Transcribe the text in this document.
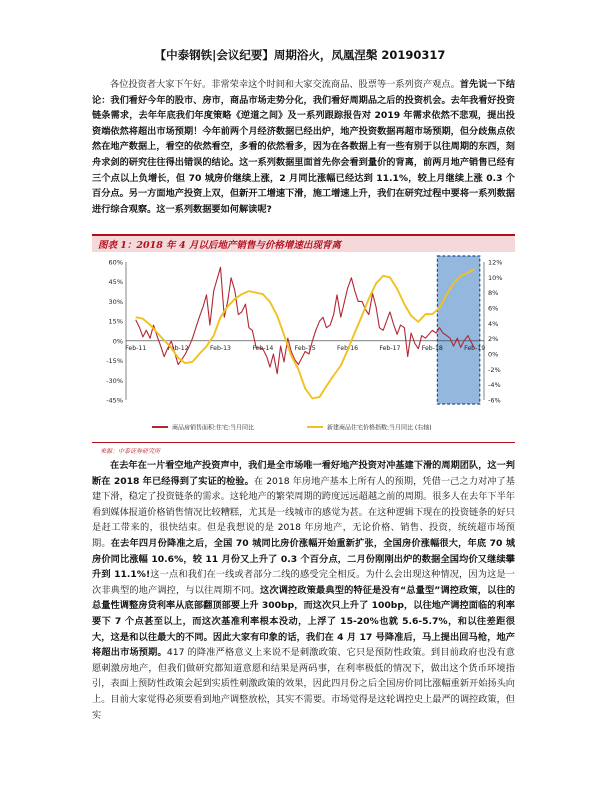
【中泰钢铁|会议纪要】周期浴火，凤凰涅槃 20190317

各位投资者大家下午好。非常荣幸这个时间和大家交流商品、股票等一系列资产观点。首先说一下结论：我们看好今年的股市、房市，商品市场走势分化，我们看好周期品之后的投资机会。去年我看好投资链条需求，去年年底我们年度策略《逆道之间》及一系列跟踪报告对 2019 年需求依然不悲观，提出投资端依然将超出市场预期！今年前两个月经济数据已经出炉，地产投资数据再超市场预期，但分歧焦点依然在地产数据上，看空的依然看空，多看的依然看多，因为在各数据上有一些有别于以往周期的东西，刻舟求剑的研究往往得出错误的结论。这一系列数据里面首先你会看到量价的背离，前两月地产销售已经有三个点以上负增长，但 70 城房价继续上涨，2 月同比涨幅已经达到 11.1%，较上月继续上涨 0.3 个百分点。另一方面地产投资上双，但新开工增速下滑，施工增速上升，我们在研究过程中要将一系列数据进行综合观察。这一系列数据要如何解读呢?

图表 1：2018 年 4 月以后地产销售与价格增速出现背离
60%
45%
30%
15%
0%
-15%
-30%
-45%
12%
10%
8%
6%
4%
2%
0%
-2%
-4%
-6%
Feb-11	Feb-12	Feb-13	Feb-14	Feb-15	Feb-16	Feb-17	Feb-18	Feb-19
商品房销售面积:住宅:当月同比	新建商品住宅价格指数:当月同比 (右轴)
来源：中泰证券研究所

在去年在一片看空地产投资声中，我们是全市场唯一看好地产投资对冲基建下滑的周期团队，这一判断在 2018 年已经得到了实证的检验。在 2018 年房地产基本上所有人的预期，凭借一己之力对冲了基建下滑，稳定了投资链条的需求。这轮地产的繁荣周期的跨度远远超越之前的周期。很多人在去年下半年看到媒体报道价格销售情况比较糟糕，尤其是一线城市的感觉为甚。在这种逻辑下现在的投资链条的好只是赶工带来的，很快结束。但是我想说的是 2018 年房地产，无论价格、销售、投资，统统超市场预期。在去年四月份降准之后，全国 70 城同比房价涨幅开始重新扩张，全国房价涨幅很大，年底 70 城房价同比涨幅 10.6%，较 11 月份又上升了 0.3 个百分点，二月份刚刚出炉的数据全国均价又继续攀升到 11.1%!这一点和我们在一线或者部分二线的感受完全相反。为什么会出现这种情况，因为这是一次非典型的地产调控，与以往周期不同。这次调控政策最典型的特征是没有“总量型”调控政策，以往的总量性调整房贷利率从底部翻顶部要上升 300bp，而这次只上升了 100bp，以往地产调控面临的利率要下 7 个点甚至以上，而这次基准利率根本没动，上浮了 15-20%也就 5.6-5.7%，和以往差距很大，这是和以往最大的不同。因此大家有印象的话，我们在 4 月 17 号降准后，马上提出回马枪，地产将超出市场预期。417 的降准严格意义上来说不是刺激政策、它只是预防性政策。到目前政府也没有意愿刺激房地产，但我们做研究都知道意愿和结果是两码事，在利率极低的情况下，做出这个货币环境指引，表面上预防性政策会起到实质性刺激政策的效果，因此四月份之后全国房价同比涨幅重新开始扬头向上。目前大家觉得必须要看到地产调整放松，其实不需要。市场觉得是这轮调控史上最严的调控政策，但实
